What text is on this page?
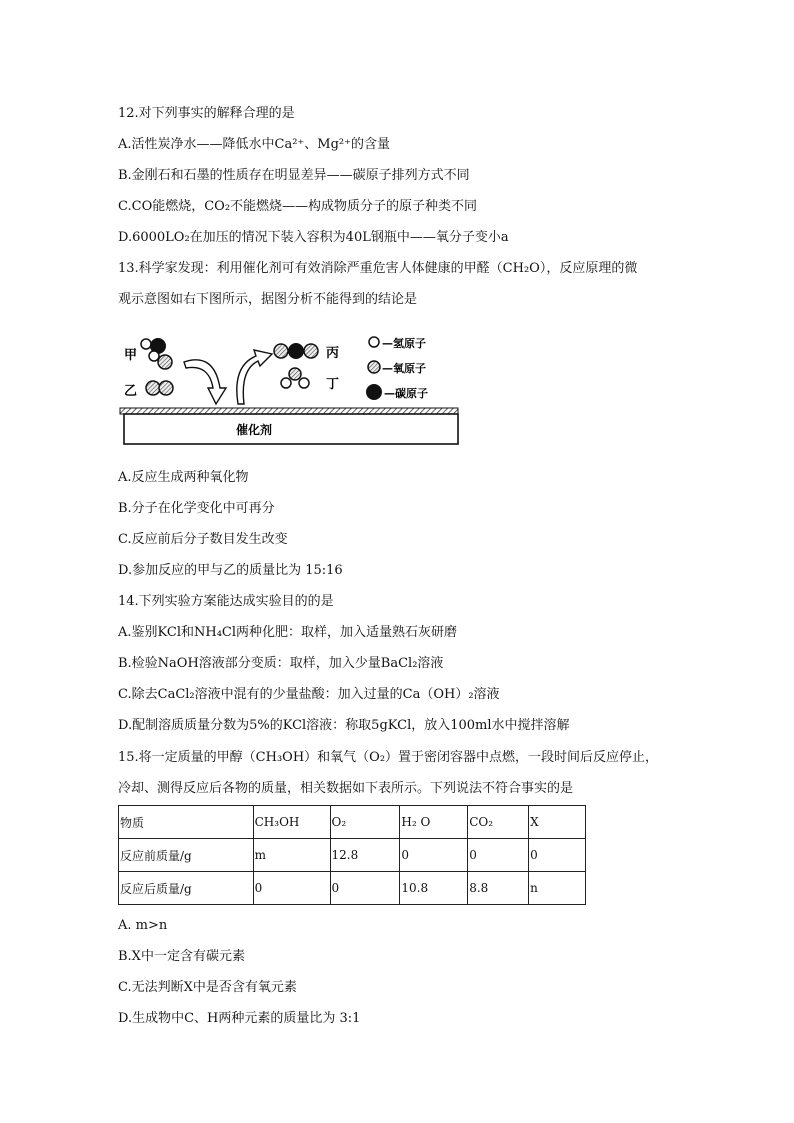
12.对下列事实的解释合理的是
A.活性炭净水——降低水中Ca²⁺、Mg²⁺的含量
B.金刚石和石墨的性质存在明显差异——碳原子排列方式不同
C.CO能燃烧，CO₂不能燃烧——构成物质分子的原子种类不同
D.6000LO₂在加压的情况下装入容积为40L钢瓶中——氧分子变小a
13.科学家发现：利用催化剂可有效消除严重危害人体健康的甲醛（CH₂O），反应原理的微
观示意图如右下图所示，据图分析不能得到的结论是
甲
乙
丙
丁
—氢原子
—氧原子
—碳原子
催化剂
A.反应生成两种氧化物
B.分子在化学变化中可再分
C.反应前后分子数目发生改变
D.参加反应的甲与乙的质量比为 15:16
14.下列实验方案能达成实验目的的是
A.鉴别KCl和NH₄Cl两种化肥：取样，加入适量熟石灰研磨
B.检验NaOH溶液部分变质：取样，加入少量BaCl₂溶液
C.除去CaCl₂溶液中混有的少量盐酸：加入过量的Ca（OH）₂溶液
D.配制溶质质量分数为5%的KCl溶液：称取5gKCl，放入100ml水中搅拌溶解
15.将一定质量的甲醇（CH₃OH）和氧气（O₂）置于密闭容器中点燃，一段时间后反应停止，
冷却、测得反应后各物的质量，相关数据如下表所示。下列说法不符合事实的是
物质	CH₃OH	O₂	H₂ O	CO₂	X
反应前质量/g	m	12.8	0	0	0
反应后质量/g	0	0	10.8	8.8	n
A. m>n
B.X中一定含有碳元素
C.无法判断X中是否含有氧元素
D.生成物中C、H两种元素的质量比为 3:1
